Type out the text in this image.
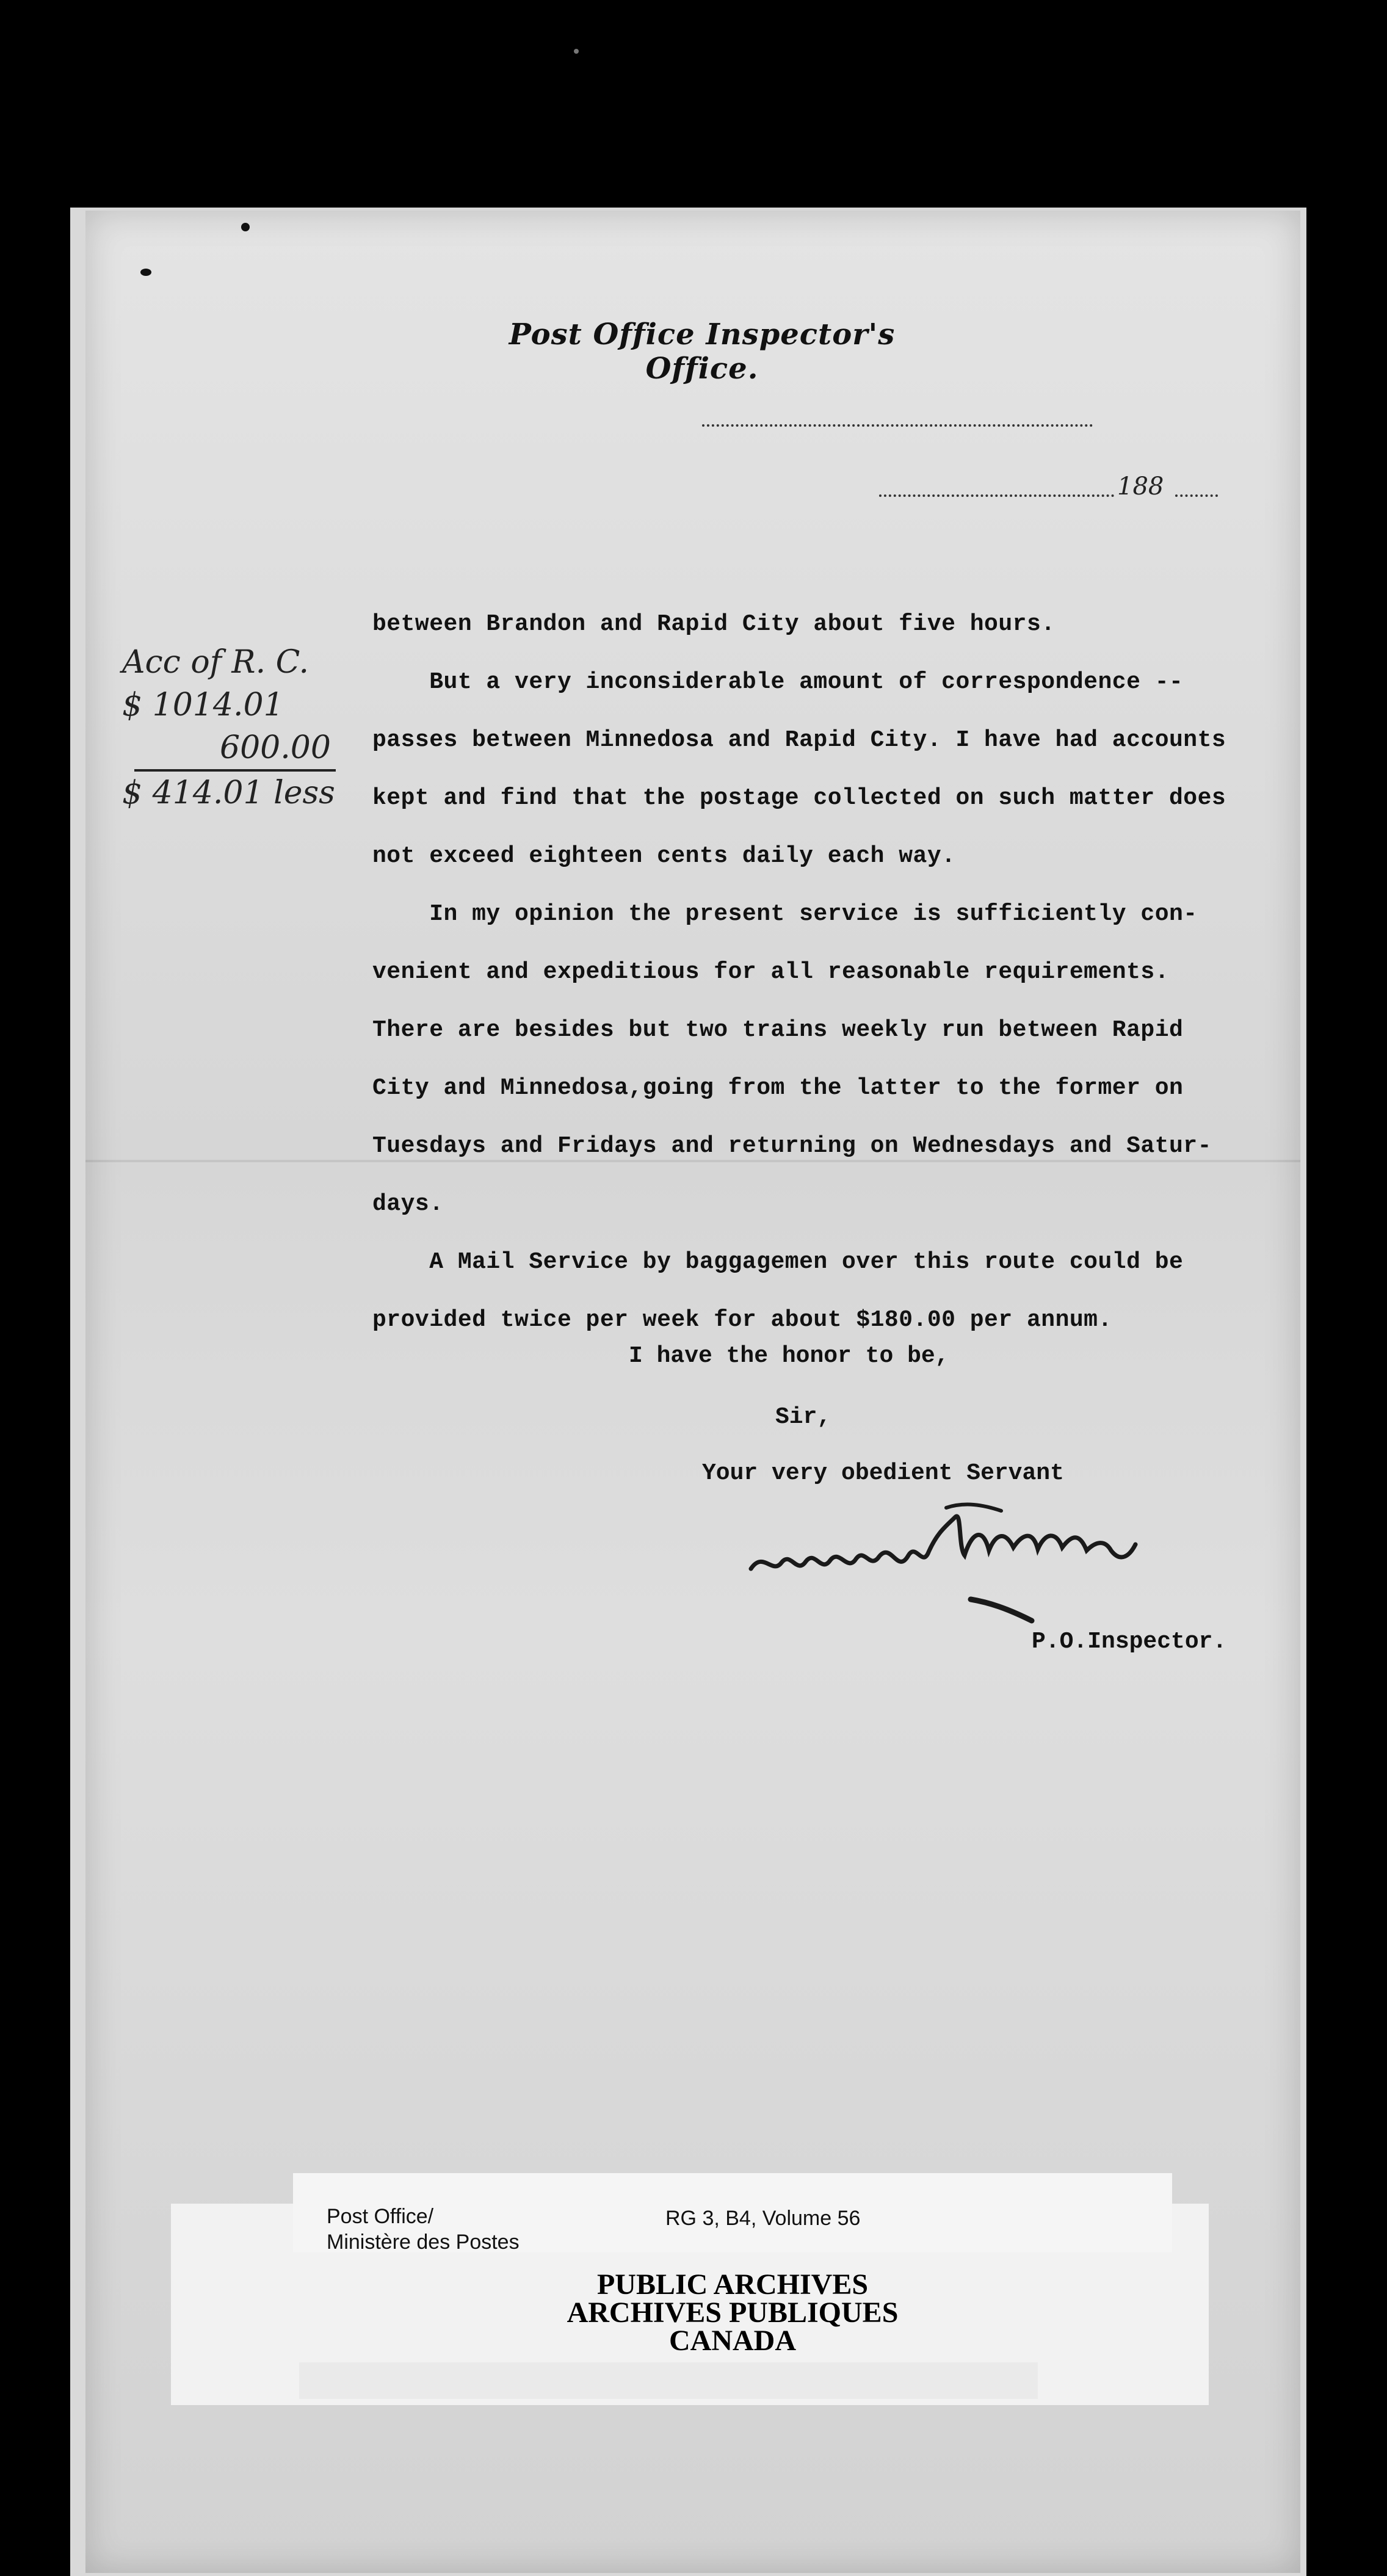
Post Office Inspector's Office.
188
Acc of R. C.
$ 1014.01
600.00
$ 414.01 less

between Brandon and Rapid City about five hours.

But a very inconsiderable amount of correspondence --

passes between Minnedosa and Rapid City. I have had accounts

kept and find that the postage collected on such matter does

not exceed eighteen cents daily each way.

In my opinion the present service is sufficiently con-

venient and expeditious for all reasonable requirements.

There are besides but two trains weekly run between Rapid

City and Minnedosa,going from the latter to the former on

Tuesdays and Fridays and returning on Wednesdays and Satur-

days.

A Mail Service by baggagemen over this route could be

provided twice per week for about $180.00 per annum.

I have the honor to be,
Sir,
Your very obedient Servant
P.O.Inspector.
Post Office/
Ministère des Postes
RG 3, B4, Volume 56
PUBLIC ARCHIVES
ARCHIVES PUBLIQUES
CANADA
